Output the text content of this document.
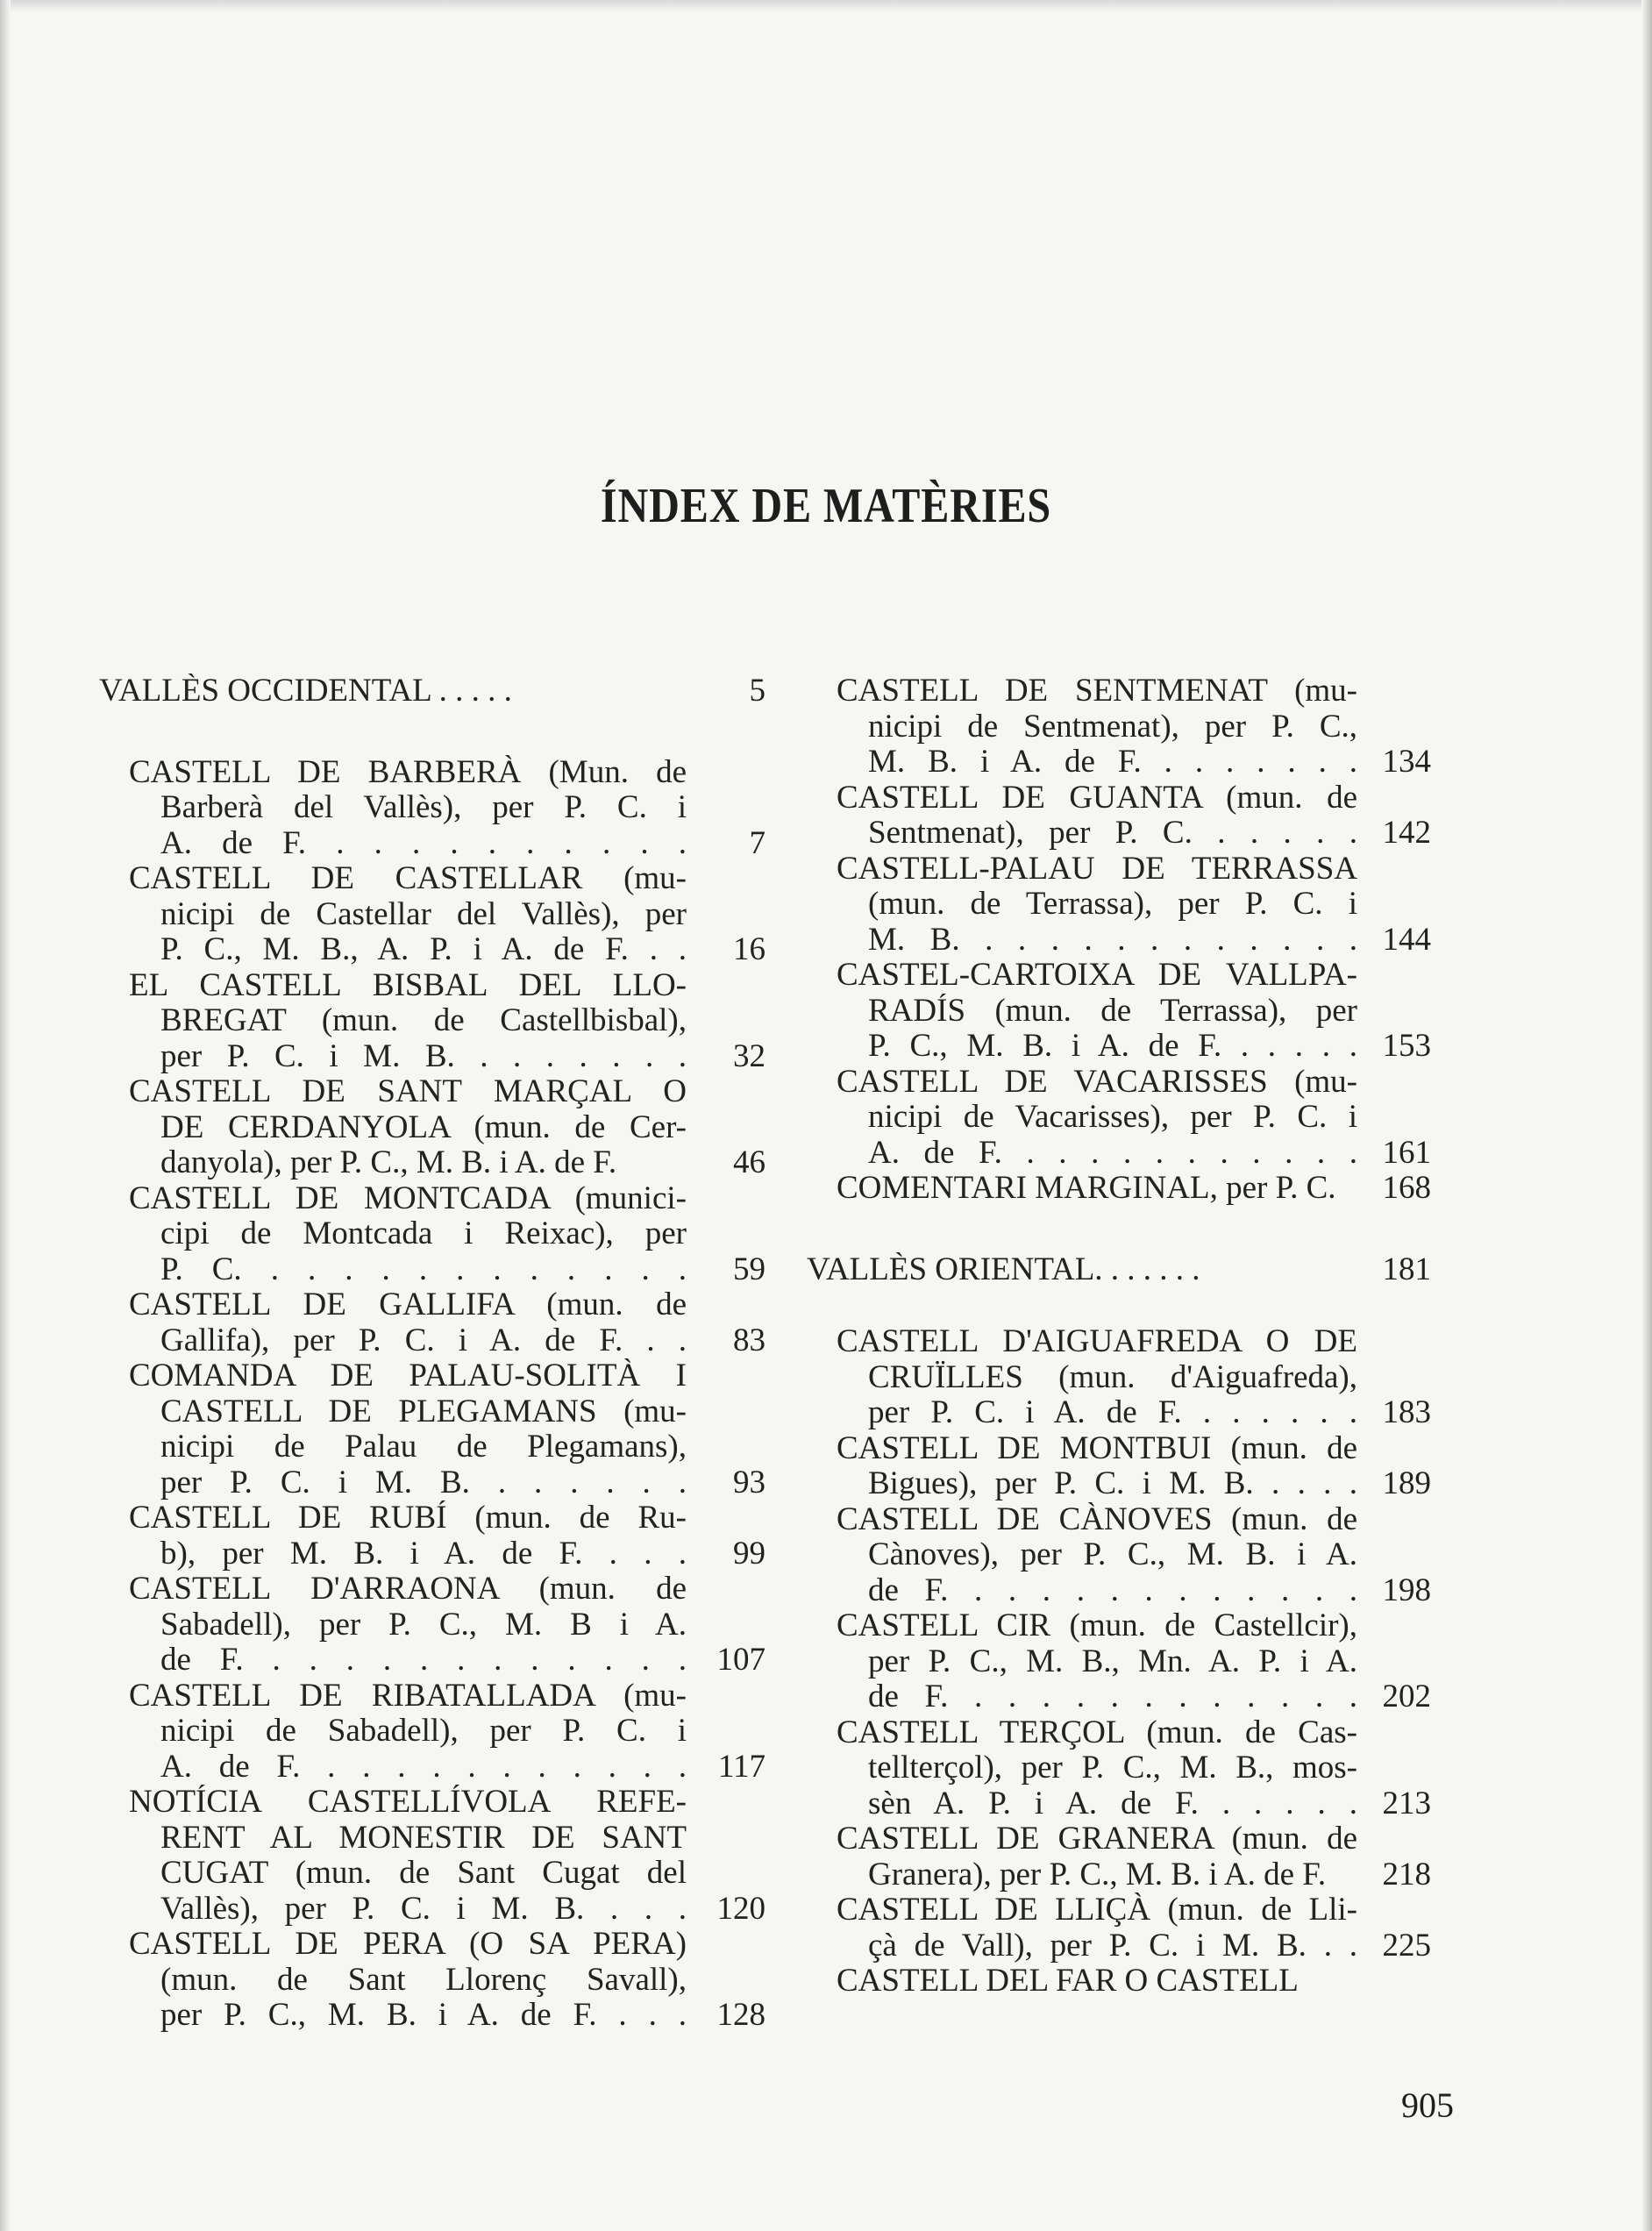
ÍNDEX DE MATÈRIES
VALLÈS OCCIDENTAL . . . . .	5
CASTELL DE BARBERÀ (Mun. de
Barberà del Vallès), per P. C. i
A. de F. . . . . . . . . . .	7
CASTELL DE CASTELLAR (mu-
nicipi de Castellar del Vallès), per
P. C., M. B., A. P. i A. de F. . .	16
EL CASTELL BISBAL DEL LLO-
BREGAT (mun. de Castellbisbal),
per P. C. i M. B. . . . . . . .	32
CASTELL DE SANT MARÇAL O
DE CERDANYOLA (mun. de Cer-
danyola), per P. C., M. B. i A. de F.	46
CASTELL DE MONTCADA (munici-
cipi de Montcada i Reixac), per
P. C. . . . . . . . . . . . .	59
CASTELL DE GALLIFA (mun. de
Gallifa), per P. C. i A. de F. . .	83
COMANDA DE PALAU-SOLITÀ I
CASTELL DE PLEGAMANS (mu-
nicipi de Palau de Plegamans),
per P. C. i M. B. . . . . . .	93
CASTELL DE RUBÍ (mun. de Ru-
b), per M. B. i A. de F. . . .	99
CASTELL D'ARRAONA (mun. de
Sabadell), per P. C., M. B i A.
de F. . . . . . . . . . . . . 107
CASTELL DE RIBATALLADA (mu-
nicipi de Sabadell), per P. C. i
A. de F. . . . . . . . . . . . 117
NOTÍCIA CASTELLÍVOLA REFE-
RENT AL MONESTIR DE SANT
CUGAT (mun. de Sant Cugat del
Vallès), per P. C. i M. B. . . . 120
CASTELL DE PERA (O SA PERA)
(mun. de Sant Llorenç Savall),
per P. C., M. B. i A. de F. . . . 128
CASTELL DE SENTMENAT (mu-
nicipi de Sentmenat), per P. C.,
M. B. i A. de F. . . . . . . . 134
CASTELL DE GUANTA (mun. de
Sentmenat), per P. C. . . . . . 142
CASTELL-PALAU DE TERRASSA
(mun. de Terrassa), per P. C. i
M. B. . . . . . . . . . . . . 144
CASTEL-CARTOIXA DE VALLPA-
RADÍS (mun. de Terrassa), per
P. C., M. B. i A. de F. . . . . . 153
CASTELL DE VACARISSES (mu-
nicipi de Vacarisses), per P. C. i
A. de F. . . . . . . . . . . . 161
COMENTARI MARGINAL, per P. C.	168
VALLÈS ORIENTAL. . . . . . .	181
CASTELL D'AIGUAFREDA O DE
CRUÏLLES (mun. d'Aiguafreda),
per P. C. i A. de F. . . . . . . 183
CASTELL DE MONTBUI (mun. de
Bigues), per P. C. i M. B. . . . . 189
CASTELL DE CÀNOVES (mun. de
Cànoves), per P. C., M. B. i A.
de F. . . . . . . . . . . . . 198
CASTELL CIR (mun. de Castellcir),
per P. C., M. B., Mn. A. P. i A.
de F. . . . . . . . . . . . . 202
CASTELL TERÇOL (mun. de Cas-
tellterçol), per P. C., M. B., mos-
sèn A. P. i A. de F. . . . . . 213
CASTELL DE GRANERA (mun. de
Granera), per P. C., M. B. i A. de F.	218
CASTELL DE LLIÇÀ (mun. de Lli-
çà de Vall), per P. C. i M. B. . . 225
CASTELL DEL FAR O CASTELL
905
